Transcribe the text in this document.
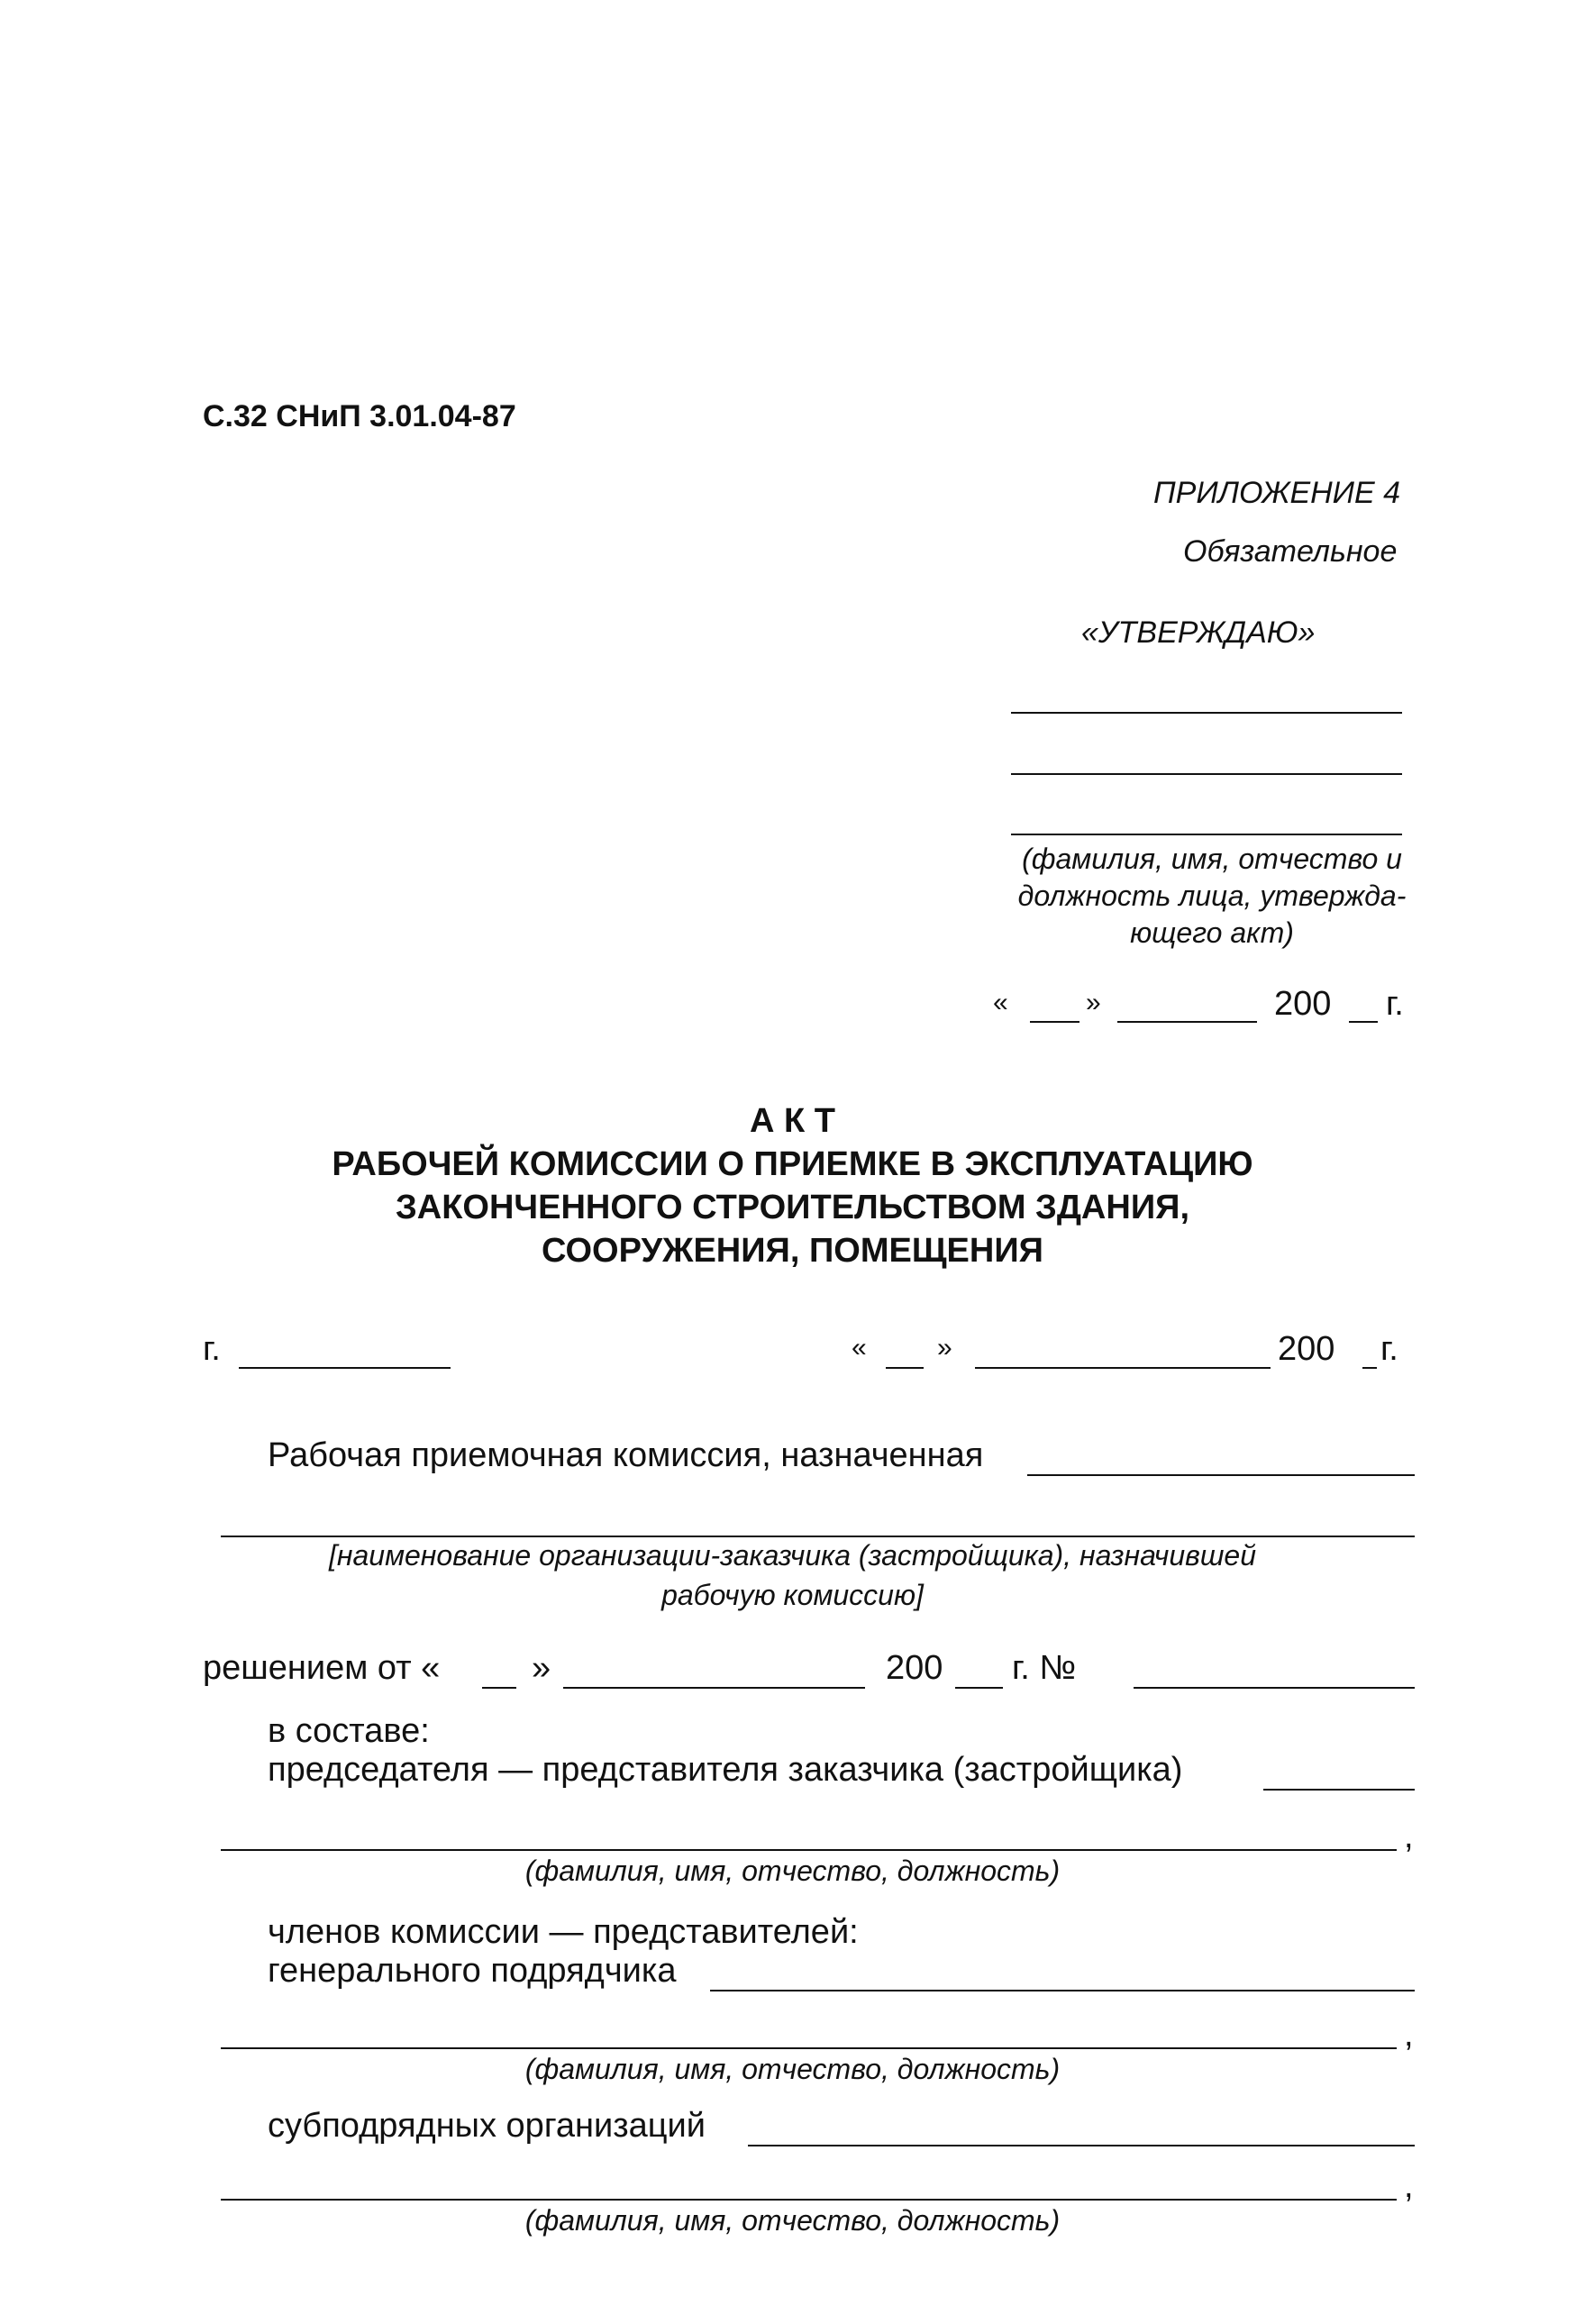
С.32 СНиП 3.01.04-87
ПРИЛОЖЕНИЕ 4
Обязательное
«УТВЕРЖДАЮ»
(фамилия, имя, отчество и
должность лица, утвержда-
ющего акт)
«	»	200 г.
А К Т
РАБОЧЕЙ КОМИССИИ О ПРИЕМКЕ В ЭКСПЛУАТАЦИЮ
ЗАКОНЧЕННОГО СТРОИТЕЛЬСТВОМ ЗДАНИЯ,
СООРУЖЕНИЯ, ПОМЕЩЕНИЯ
г.	«	»	200 г.
Рабочая приемочная комиссия, назначенная
[наименование организации-заказчика (застройщика), назначившей
рабочую комиссию]
решением от «	»	200 г. №
в составе:
председателя — представителя заказчика (застройщика)
,
(фамилия, имя, отчество, должность)
членов комиссии — представителей:
генерального подрядчика
,
(фамилия, имя, отчество, должность)
субподрядных организаций
,
(фамилия, имя, отчество, должность)
